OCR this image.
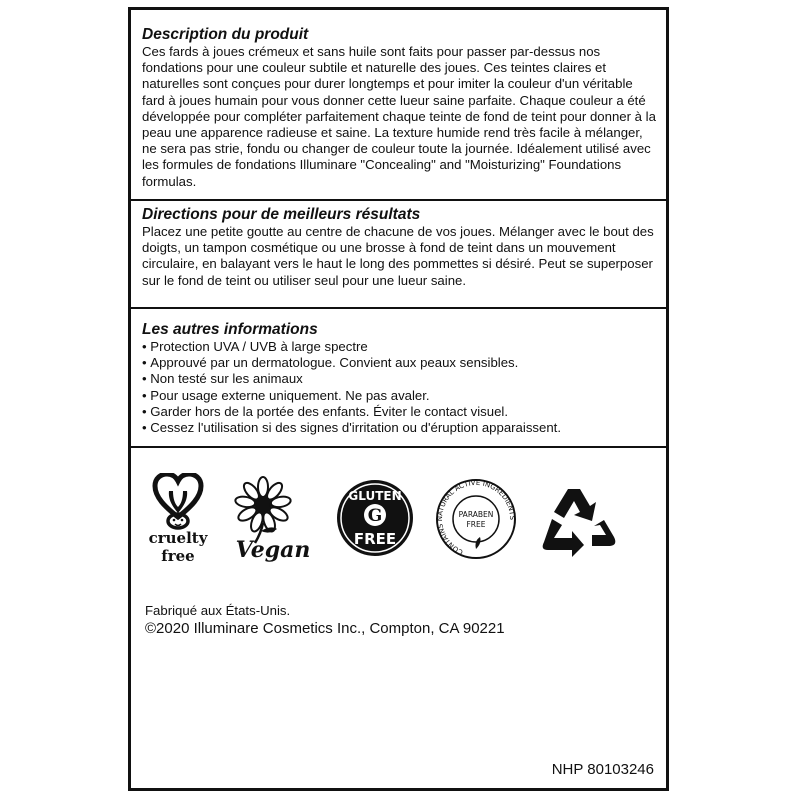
Description du produit

Ces fards à joues crémeux et sans huile sont faits pour passer par-dessus nos fondations pour une couleur subtile et naturelle des joues. Ces teintes claires et naturelles sont conçues pour durer longtemps et pour imiter la couleur d'un véritable fard à joues humain pour vous donner cette lueur saine parfaite. Chaque couleur a été développée pour compléter parfaitement chaque teinte de fond de teint pour donner à la peau une apparence radieuse et saine. La texture humide rend très facile à mélanger, ne sera pas strie, fondu ou changer de couleur toute la journée. Idéalement utilisé avec les formules de fondations Illuminare "Concealing" and "Moisturizing" Foundations formulas.

Directions pour de meilleurs résultats

Placez une petite goutte au centre de chacune de vos joues. Mélanger avec le bout des doigts, un tampon cosmétique ou une brosse à fond de teint dans un mouvement circulaire, en balayant vers le haut le long des pommettes si désiré. Peut se superposer sur le fond de teint ou utiliser seul pour une lueur saine.

Les autres informations

• Protection UVA / UVB à large spectre
• Approuvé par un dermatologue. Convient aux peaux sensibles.
• Non testé sur les animaux
• Pour usage externe uniquement. Ne pas avaler.
• Garder hors de la portée des enfants. Éviter le contact visuel.
• Cessez l'utilisation si des signes d'irritation ou d'éruption apparaissent.
cruelty
free Vegan
GLUTEN
G
FREE
CONTAINS NATURAL ACTIVE INGREDIENTS
PARABEN
FREE
Fabriqué aux États-Unis.
©2020 Illuminare Cosmetics Inc., Compton, CA 90221
NHP 80103246
